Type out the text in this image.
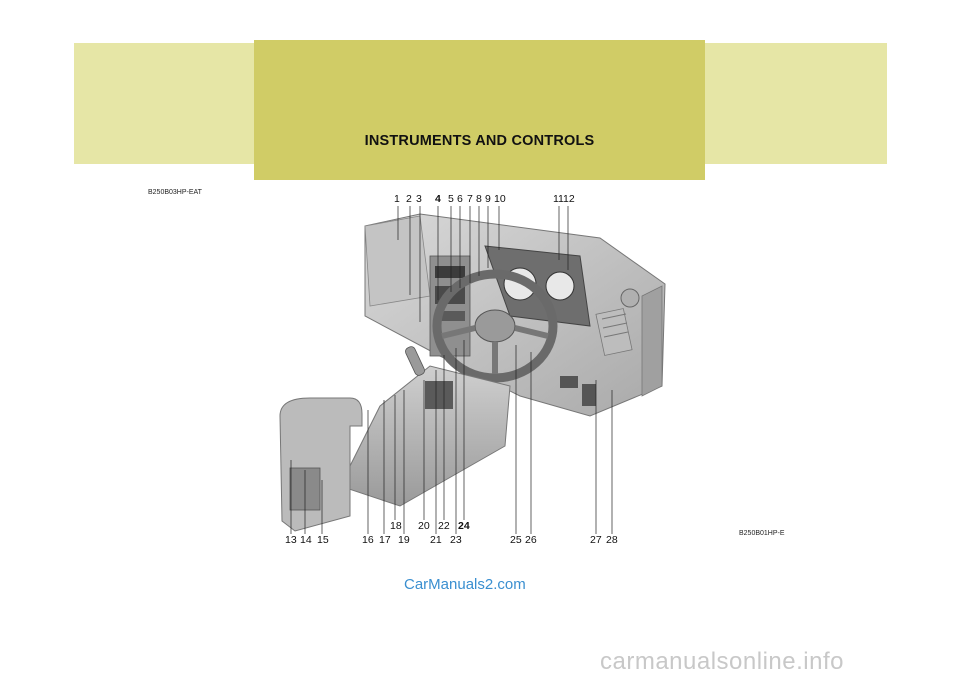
INSTRUMENTS AND CONTROLS
B250B03HP-EAT
B250B01HP-E
1 2 3 4 5 6 7 8 9 10	11 12
13 14 15	16 17
18
19
20
21
22
23
24
25 26	27 28
CarManuals2.com
carmanualsonline.info
